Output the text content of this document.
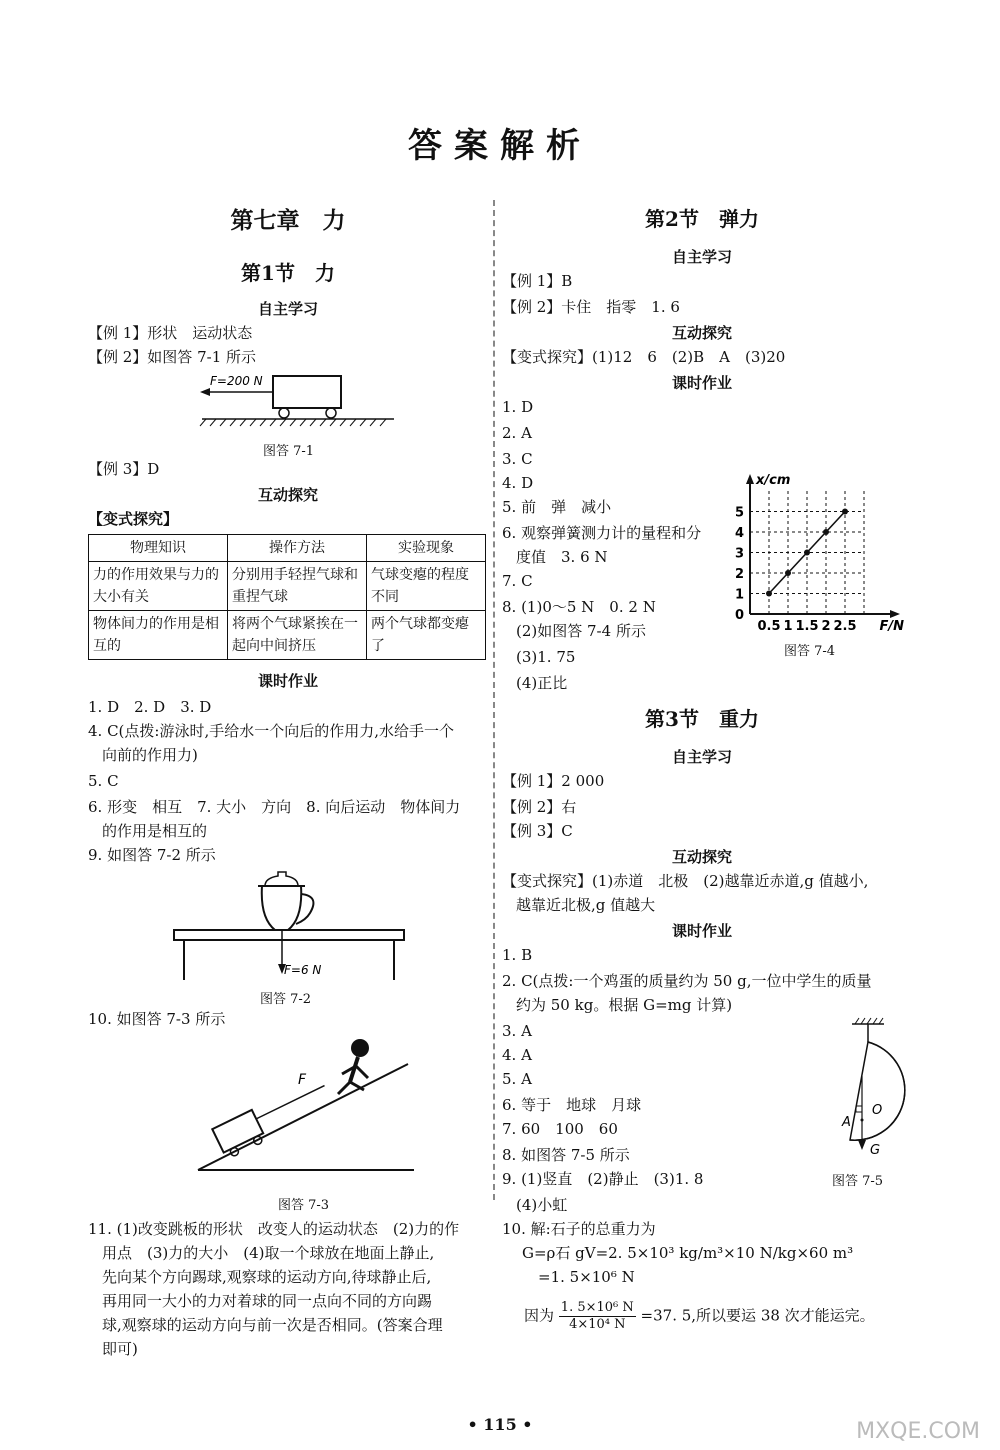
答案解析
第七章　力
第1节　力
自主学习
【例 1】形状　运动状态
【例 2】如图答 7-1 所示
F=200 N
图答 7-1
【例 3】D
互动探究
【变式探究】
物理知识	操作方法	实验现象
力的作用效果与力的大小有关	分别用手轻捏气球和重捏气球	气球变瘪的程度不同
物体间力的作用是相互的	将两个气球紧挨在一起向中间挤压	两个气球都变瘪了
课时作业
1. D　2. D　3. D
4. C(点拨:游泳时,手给水一个向后的作用力,水给手一个
向前的作用力)
5. C
6. 形变　相互　7. 大小　方向　8. 向后运动　物体间力
的作用是相互的
9. 如图答 7-2 所示
F=6 N
图答 7-2
10. 如图答 7-3 所示
F
图答 7-3
11. (1)改变跳板的形状　改变人的运动状态　(2)力的作
用点　(3)力的大小　(4)取一个球放在地面上静止,
先向某个方向踢球,观察球的运动方向,待球静止后,
再用同一大小的力对着球的同一点向不同的方向踢
球,观察球的运动方向与前一次是否相同。(答案合理
即可)
第2节　弹力
自主学习
【例 1】B
【例 2】卡住　指零　1. 6
互动探究
【变式探究】(1)12　6　(2)B　A　(3)20
课时作业
1. D
2. A
3. C
4. D
5. 前　弹　减小
6. 观察弹簧测力计的量程和分
度值　3. 6 N
7. C
8. (1)0～5 N　0. 2 N
(2)如图答 7-4 所示
(3)1. 75
(4)正比
0
1
2
3
4
5
0.5 1 1.5 2 2.5 F/N
x/cm
图答 7-4
第3节　重力
自主学习
【例 1】2 000
【例 2】右
【例 3】C
互动探究
【变式探究】(1)赤道　北极　(2)越靠近赤道,g 值越小,
越靠近北极,g 值越大
课时作业
1. B
2. C(点拨:一个鸡蛋的质量约为 50 g,一位中学生的质量
约为 50 kg。根据 G=mg 计算)
3. A
4. A
5. A
6. 等于　地球　月球
7. 60　100　60
8. 如图答 7-5 所示
9. (1)竖直　(2)静止　(3)1. 8
(4)小虹
10. 解:石子的总重力为
G=ρ石 gV=2. 5×10³ kg/m³×10 N/kg×60 m³
=1. 5×10⁶ N
因为 $\frac{\text{1. 5×10⁶ N}}{\text{4×10⁴ N}} =37$. 5,所以要运 38 次才能运完。
O
A
G
图答 7-5
• 115 •	MXQE.COM
